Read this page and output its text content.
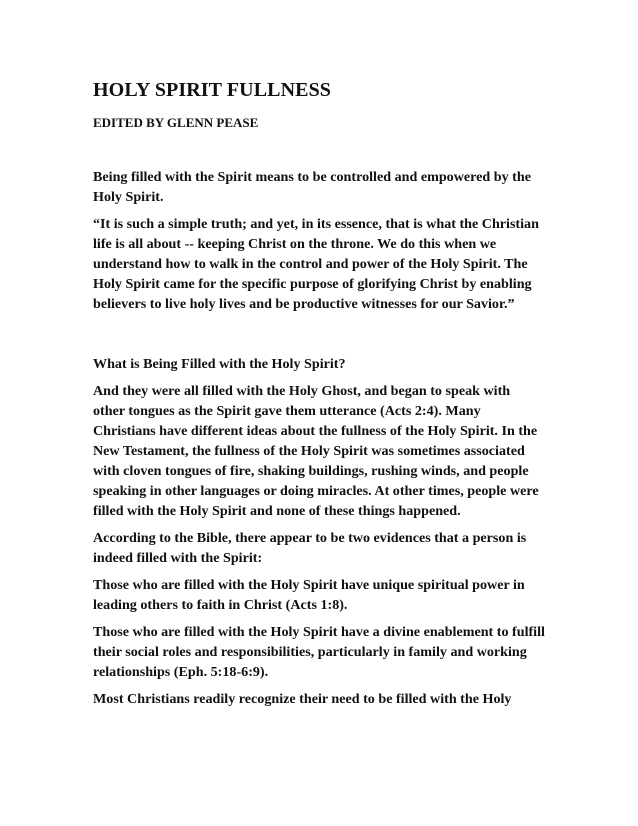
HOLY SPIRIT FULLNESS
EDITED BY GLENN PEASE

Being filled with the Spirit means to be controlled and empowered by the Holy Spirit.

“It is such a simple truth; and yet, in its essence, that is what the Christian life is all about -- keeping Christ on the throne. We do this when we understand how to walk in the control and power of the Holy Spirit. The Holy Spirit came for the specific purpose of glorifying Christ by enabling believers to live holy lives and be productive witnesses for our Savior.”

What is Being Filled with the Holy Spirit?

And they were all filled with the Holy Ghost, and began to speak with other tongues as the Spirit gave them utterance (Acts 2:4). Many Christians have different ideas about the fullness of the Holy Spirit. In the New Testament, the fullness of the Holy Spirit was sometimes associated with cloven tongues of fire, shaking buildings, rushing winds, and people speaking in other languages or doing miracles. At other times, people were filled with the Holy Spirit and none of these things happened.

According to the Bible, there appear to be two evidences that a person is indeed filled with the Spirit:

Those who are filled with the Holy Spirit have unique spiritual power in leading others to faith in Christ (Acts 1:8).

Those who are filled with the Holy Spirit have a divine enablement to fulfill their social roles and responsibilities, particularly in family and working relationships (Eph. 5:18-6:9).

Most Christians readily recognize their need to be filled with the Holy
